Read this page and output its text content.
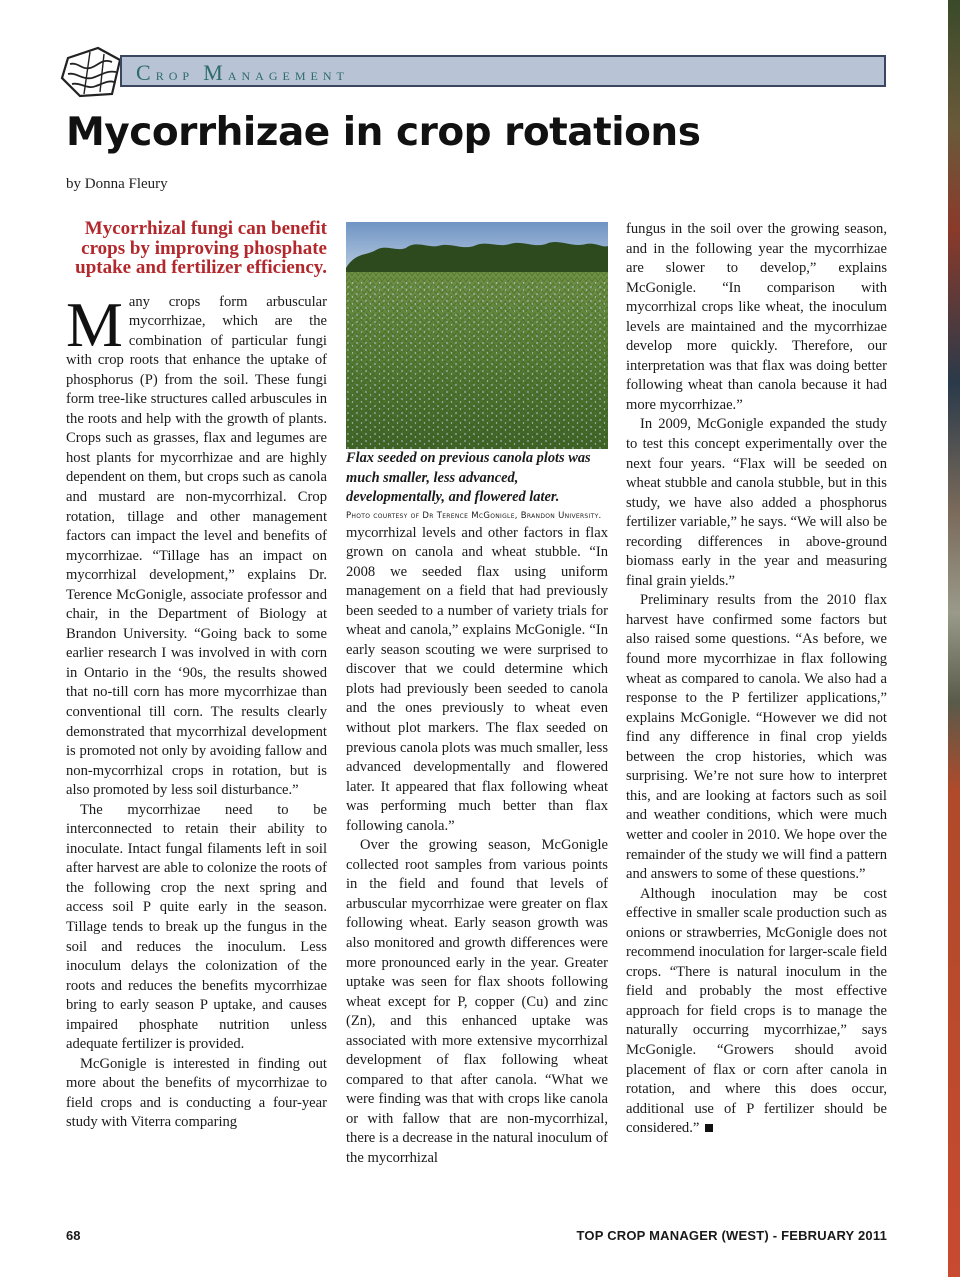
Crop Management
Mycorrhizae in crop rotations
by Donna Fleury
Mycorrhizal fungi can benefit crops by improving phosphate uptake and fertilizer efficiency.

Many crops form arbuscular mycorrhizae, which are the combination of particular fungi with crop roots that enhance the uptake of phosphorus (P) from the soil. These fungi form tree-like structures called arbuscules in the roots and help with the growth of plants. Crops such as grasses, flax and legumes are host plants for mycorrhizae and are highly dependent on them, but crops such as canola and mustard are non-mycorrhizal. Crop rotation, tillage and other management factors can impact the level and benefits of mycorrhizae. “Tillage has an impact on mycorrhizal development,” explains Dr. Terence McGonigle, associate professor and chair, in the Department of Biology at Brandon University. “Going back to some earlier research I was involved in with corn in Ontario in the ‘90s, the results showed that no-till corn has more mycorrhizae than conventional till corn. The results clearly demonstrated that mycorrhizal development is promoted not only by avoiding fallow and non-mycorrhizal crops in rotation, but is also promoted by less soil disturbance.”

The mycorrhizae need to be interconnected to retain their ability to inoculate. Intact fungal filaments left in soil after harvest are able to colonize the roots of the following crop the next spring and access soil P quite early in the season. Tillage tends to break up the fungus in the soil and reduces the inoculum. Less inoculum delays the colonization of the roots and reduces the benefits mycorrhizae bring to early season P uptake, and causes impaired phosphate nutrition unless adequate fertilizer is provided.

McGonigle is interested in finding out more about the benefits of mycorrhizae to field crops and is conducting a four-year study with Viterra comparing

Flax seeded on previous canola plots was much smaller, less advanced, developmentally, and flowered later.

Photo courtesy of Dr Terence McGonigle, Brandon University.

mycorrhizal levels and other factors in flax grown on canola and wheat stubble. “In 2008 we seeded flax using uniform management on a field that had previously been seeded to a number of variety trials for wheat and canola,” explains McGonigle. “In early season scouting we were surprised to discover that we could determine which plots had previously been seeded to canola and the ones previously to wheat even without plot markers. The flax seeded on previous canola plots was much smaller, less advanced developmentally and flowered later. It appeared that flax following wheat was performing much better than flax following canola.”

Over the growing season, McGonigle collected root samples from various points in the field and found that levels of arbuscular mycorrhizae were greater on flax following wheat. Early season growth was also monitored and growth differences were more pronounced early in the year. Greater uptake was seen for flax shoots following wheat except for P, copper (Cu) and zinc (Zn), and this enhanced uptake was associated with more extensive mycorrhizal development of flax following wheat compared to that after canola. “What we were finding was that with crops like canola or with fallow that are non-mycorrhizal, there is a decrease in the natural inoculum of the mycorrhizal

fungus in the soil over the growing season, and in the following year the mycorrhizae are slower to develop,” explains McGonigle. “In comparison with mycorrhizal crops like wheat, the inoculum levels are maintained and the mycorrhizae develop more quickly. Therefore, our interpretation was that flax was doing better following wheat than canola because it had more mycorrhizae.”

In 2009, McGonigle expanded the study to test this concept experimentally over the next four years. “Flax will be seeded on wheat stubble and canola stubble, but in this study, we have also added a phosphorus fertilizer variable,” he says. “We will also be recording differences in above-ground biomass early in the year and measuring final grain yields.”

Preliminary results from the 2010 flax harvest have confirmed some factors but also raised some questions. “As before, we found more mycorrhizae in flax following wheat as compared to canola. We also had a response to the P fertilizer applications,” explains McGonigle. “However we did not find any difference in final crop yields between the crop histories, which was surprising. We’re not sure how to interpret this, and are looking at factors such as soil and weather conditions, which were much wetter and cooler in 2010. We hope over the remainder of the study we will find a pattern and answers to some of these questions.”

Although inoculation may be cost effective in smaller scale production such as onions or strawberries, McGonigle does not recommend inoculation for larger-scale field crops. “There is natural inoculum in the field and probably the most effective approach for field crops is to manage the naturally occurring mycorrhizae,” says McGonigle. “Growers should avoid placement of flax or corn after canola in rotation, and where this does occur, additional use of P fertilizer should be considered.”

68	TOP CROP MANAGER (WEST) - FEBRUARY 2011
